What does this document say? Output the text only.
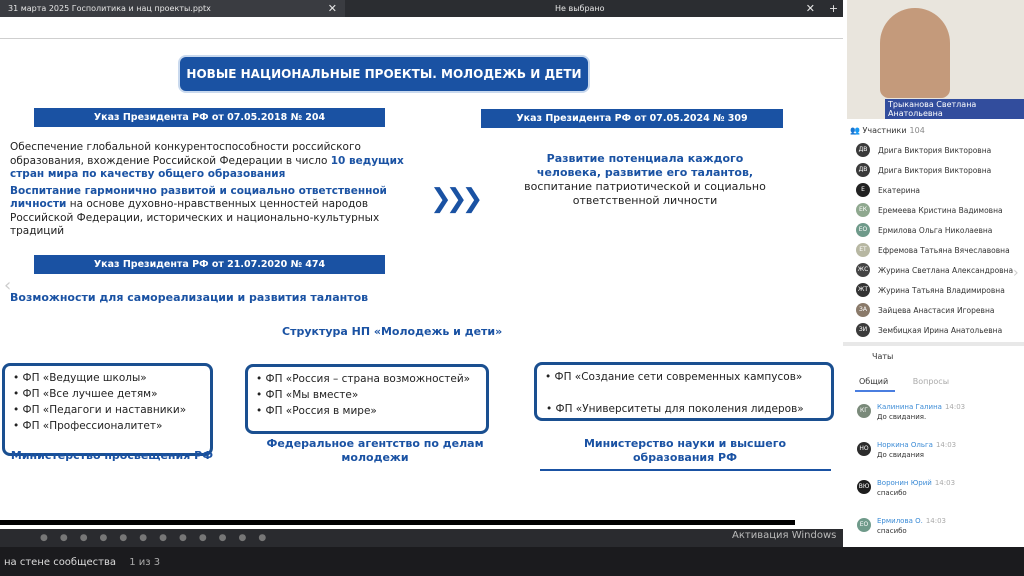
31 марта 2025 Госполитика и нац проекты.pptx	✕	Не выбрано	✕	+
НОВЫЕ НАЦИОНАЛЬНЫЕ ПРОЕКТЫ. МОЛОДЕЖЬ И ДЕТИ
Указ Президента РФ от 07.05.2018 № 204	Указ Президента РФ от 07.05.2024 № 309

Обеспечение глобальной конкурентоспособности российского образования, вхождение Российской Федерации в число 10 ведущих стран мира по качеству общего образования

Воспитание гармонично развитой и социально ответственной личности на основе духовно-нравственных ценностей народов Российской Федерации, исторических и национально-культурных традиций

❯❯❯
Развитие потенциала каждого человека, развитие его талантов,
воспитание патриотической и социально ответственной личности
Указ Президента РФ от 21.07.2020 № 474
Возможности для самореализации и развития талантов
Структура НП «Молодежь и дети»
• ФП «Ведущие школы»
• ФП «Все лучшее детям»
• ФП «Педагоги и наставники»
• ФП «Профессионалитет»
• ФП «Россия – страна возможностей»
• ФП «Мы вместе»
• ФП «Россия в мире»
• ФП «Создание сети современных кампусов»
• ФП «Университеты для поколения лидеров»
Министерство просвещения РФ
Федеральное агентство по делам молодежи
Министерство науки и высшего образования РФ
‹
●●●●●●●●●●●●	Активация Windows
Трыканова Светлана Анатольевна
👥 Участники 104
ДВ	Дрига Виктория Викторовна
ДВ	Дрига Виктория Викторовна
Е	Екатерина
ЕК	Еремеева Кристина Вадимовна
ЕО	Ермилова Ольга Николаевна
ЕТ	Ефремова Татьяна Вячеславовна
ЖС Журина Светлана Александровна
ЖТ Журина Татьяна Владимировна
ЗА	Зайцева Анастасия Игоревна
ЗИ	Зембицкая Ирина Анатольевна
›
Чаты
Общий	Вопросы
КГ	Калинина Галина 14:03
До свидания.
НО	Норкина Ольга 14:03
До свидания
ВЮ Воронин Юрий 14:03
спасибо
ЕО	Ермилова О. 14:03
спасибо
на стене сообщества 1 из 3
